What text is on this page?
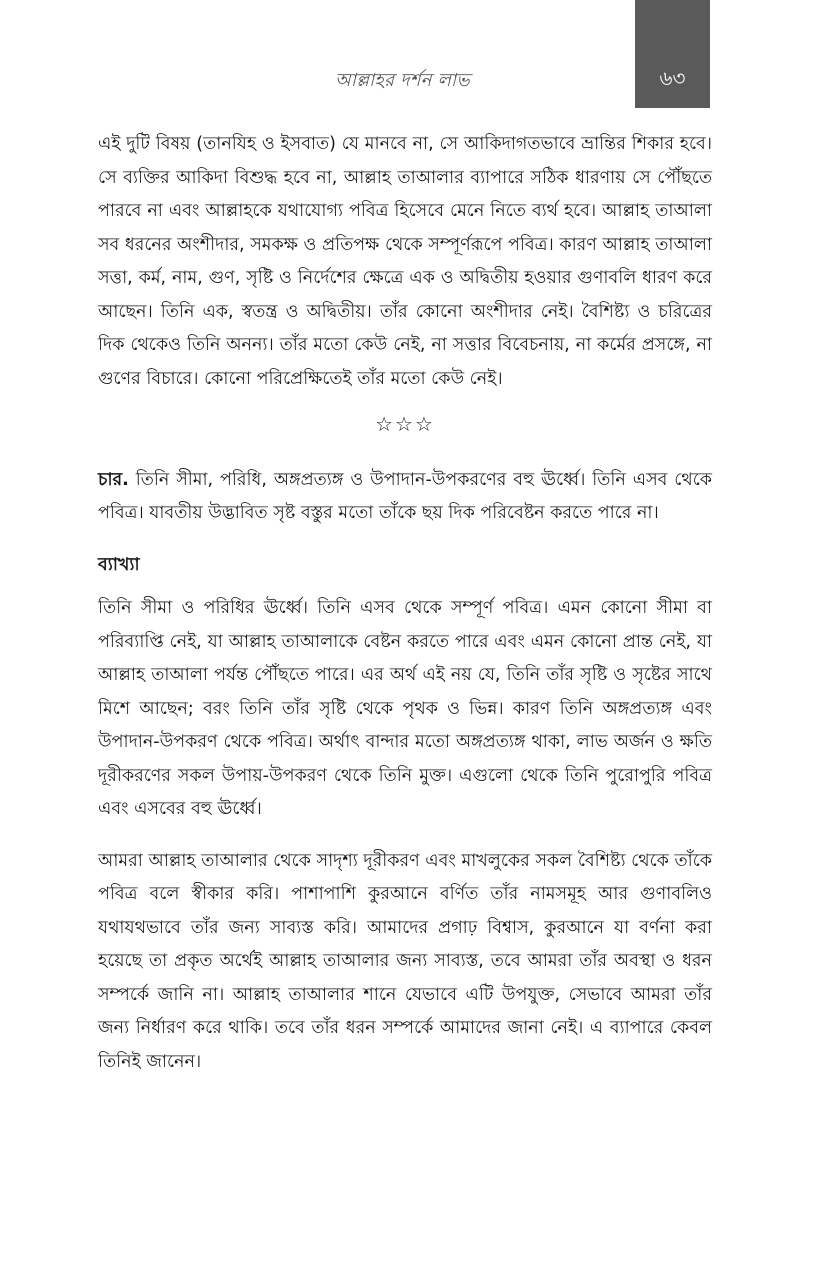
আল্লাহর দর্শন লাভ	৬৩

এই দুটি বিষয় (তানযিহ ও ইসবাত) যে মানবে না, সে আকিদাগতভাবে ভ্রান্তির শিকার হবে। সে ব্যক্তির আকিদা বিশুদ্ধ হবে না, আল্লাহ তাআলার ব্যাপারে সঠিক ধারণায় সে পৌঁছতে পারবে না এবং আল্লাহকে যথাযোগ্য পবিত্র হিসেবে মেনে নিতে ব্যর্থ হবে। আল্লাহ তাআলা সব ধরনের অংশীদার, সমকক্ষ ও প্রতিপক্ষ থেকে সম্পূর্ণরূপে পবিত্র। কারণ আল্লাহ তাআলা সত্তা, কর্ম, নাম, গুণ, সৃষ্টি ও নির্দেশের ক্ষেত্রে এক ও অদ্বিতীয় হওয়ার গুণাবলি ধারণ করে আছেন। তিনি এক, স্বতন্ত্র ও অদ্বিতীয়। তাঁর কোনো অংশীদার নেই। বৈশিষ্ট্য ও চরিত্রের দিক থেকেও তিনি অনন্য। তাঁর মতো কেউ নেই, না সত্তার বিবেচনায়, না কর্মের প্রসঙ্গে, না গুণের বিচারে। কোনো পরিপ্রেক্ষিতেই তাঁর মতো কেউ নেই।

☆☆☆

চার. তিনি সীমা, পরিধি, অঙ্গপ্রত্যঙ্গ ও উপাদান-উপকরণের বহু ঊর্ধ্বে। তিনি এসব থেকে পবিত্র। যাবতীয় উদ্ভাবিত সৃষ্ট বস্তুর মতো তাঁকে ছয় দিক পরিবেষ্টন করতে পারে না।

ব্যাখ্যা

তিনি সীমা ও পরিধির ঊর্ধ্বে। তিনি এসব থেকে সম্পূর্ণ পবিত্র। এমন কোনো সীমা বা পরিব্যাপ্তি নেই, যা আল্লাহ তাআলাকে বেষ্টন করতে পারে এবং এমন কোনো প্রান্ত নেই, যা আল্লাহ তাআলা পর্যন্ত পৌঁছতে পারে। এর অর্থ এই নয় যে, তিনি তাঁর সৃষ্টি ও সৃষ্টের সাথে মিশে আছেন; বরং তিনি তাঁর সৃষ্টি থেকে পৃথক ও ভিন্ন। কারণ তিনি অঙ্গপ্রত্যঙ্গ এবং উপাদান-উপকরণ থেকে পবিত্র। অর্থাৎ বান্দার মতো অঙ্গপ্রত্যঙ্গ থাকা, লাভ অর্জন ও ক্ষতি দূরীকরণের সকল উপায়-উপকরণ থেকে তিনি মুক্ত। এগুলো থেকে তিনি পুরোপুরি পবিত্র এবং এসবের বহু ঊর্ধ্বে।

আমরা আল্লাহ তাআলার থেকে সাদৃশ্য দূরীকরণ এবং মাখলুকের সকল বৈশিষ্ট্য থেকে তাঁকে পবিত্র বলে স্বীকার করি। পাশাপাশি কুরআনে বর্ণিত তাঁর নামসমূহ আর গুণাবলিও যথাযথভাবে তাঁর জন্য সাব্যস্ত করি। আমাদের প্রগাঢ় বিশ্বাস, কুরআনে যা বর্ণনা করা হয়েছে তা প্রকৃত অর্থেই আল্লাহ তাআলার জন্য সাব্যস্ত, তবে আমরা তাঁর অবস্থা ও ধরন সম্পর্কে জানি না। আল্লাহ তাআলার শানে যেভাবে এটি উপযুক্ত, সেভাবে আমরা তাঁর জন্য নির্ধারণ করে থাকি। তবে তাঁর ধরন সম্পর্কে আমাদের জানা নেই। এ ব্যাপারে কেবল তিনিই জানেন।
